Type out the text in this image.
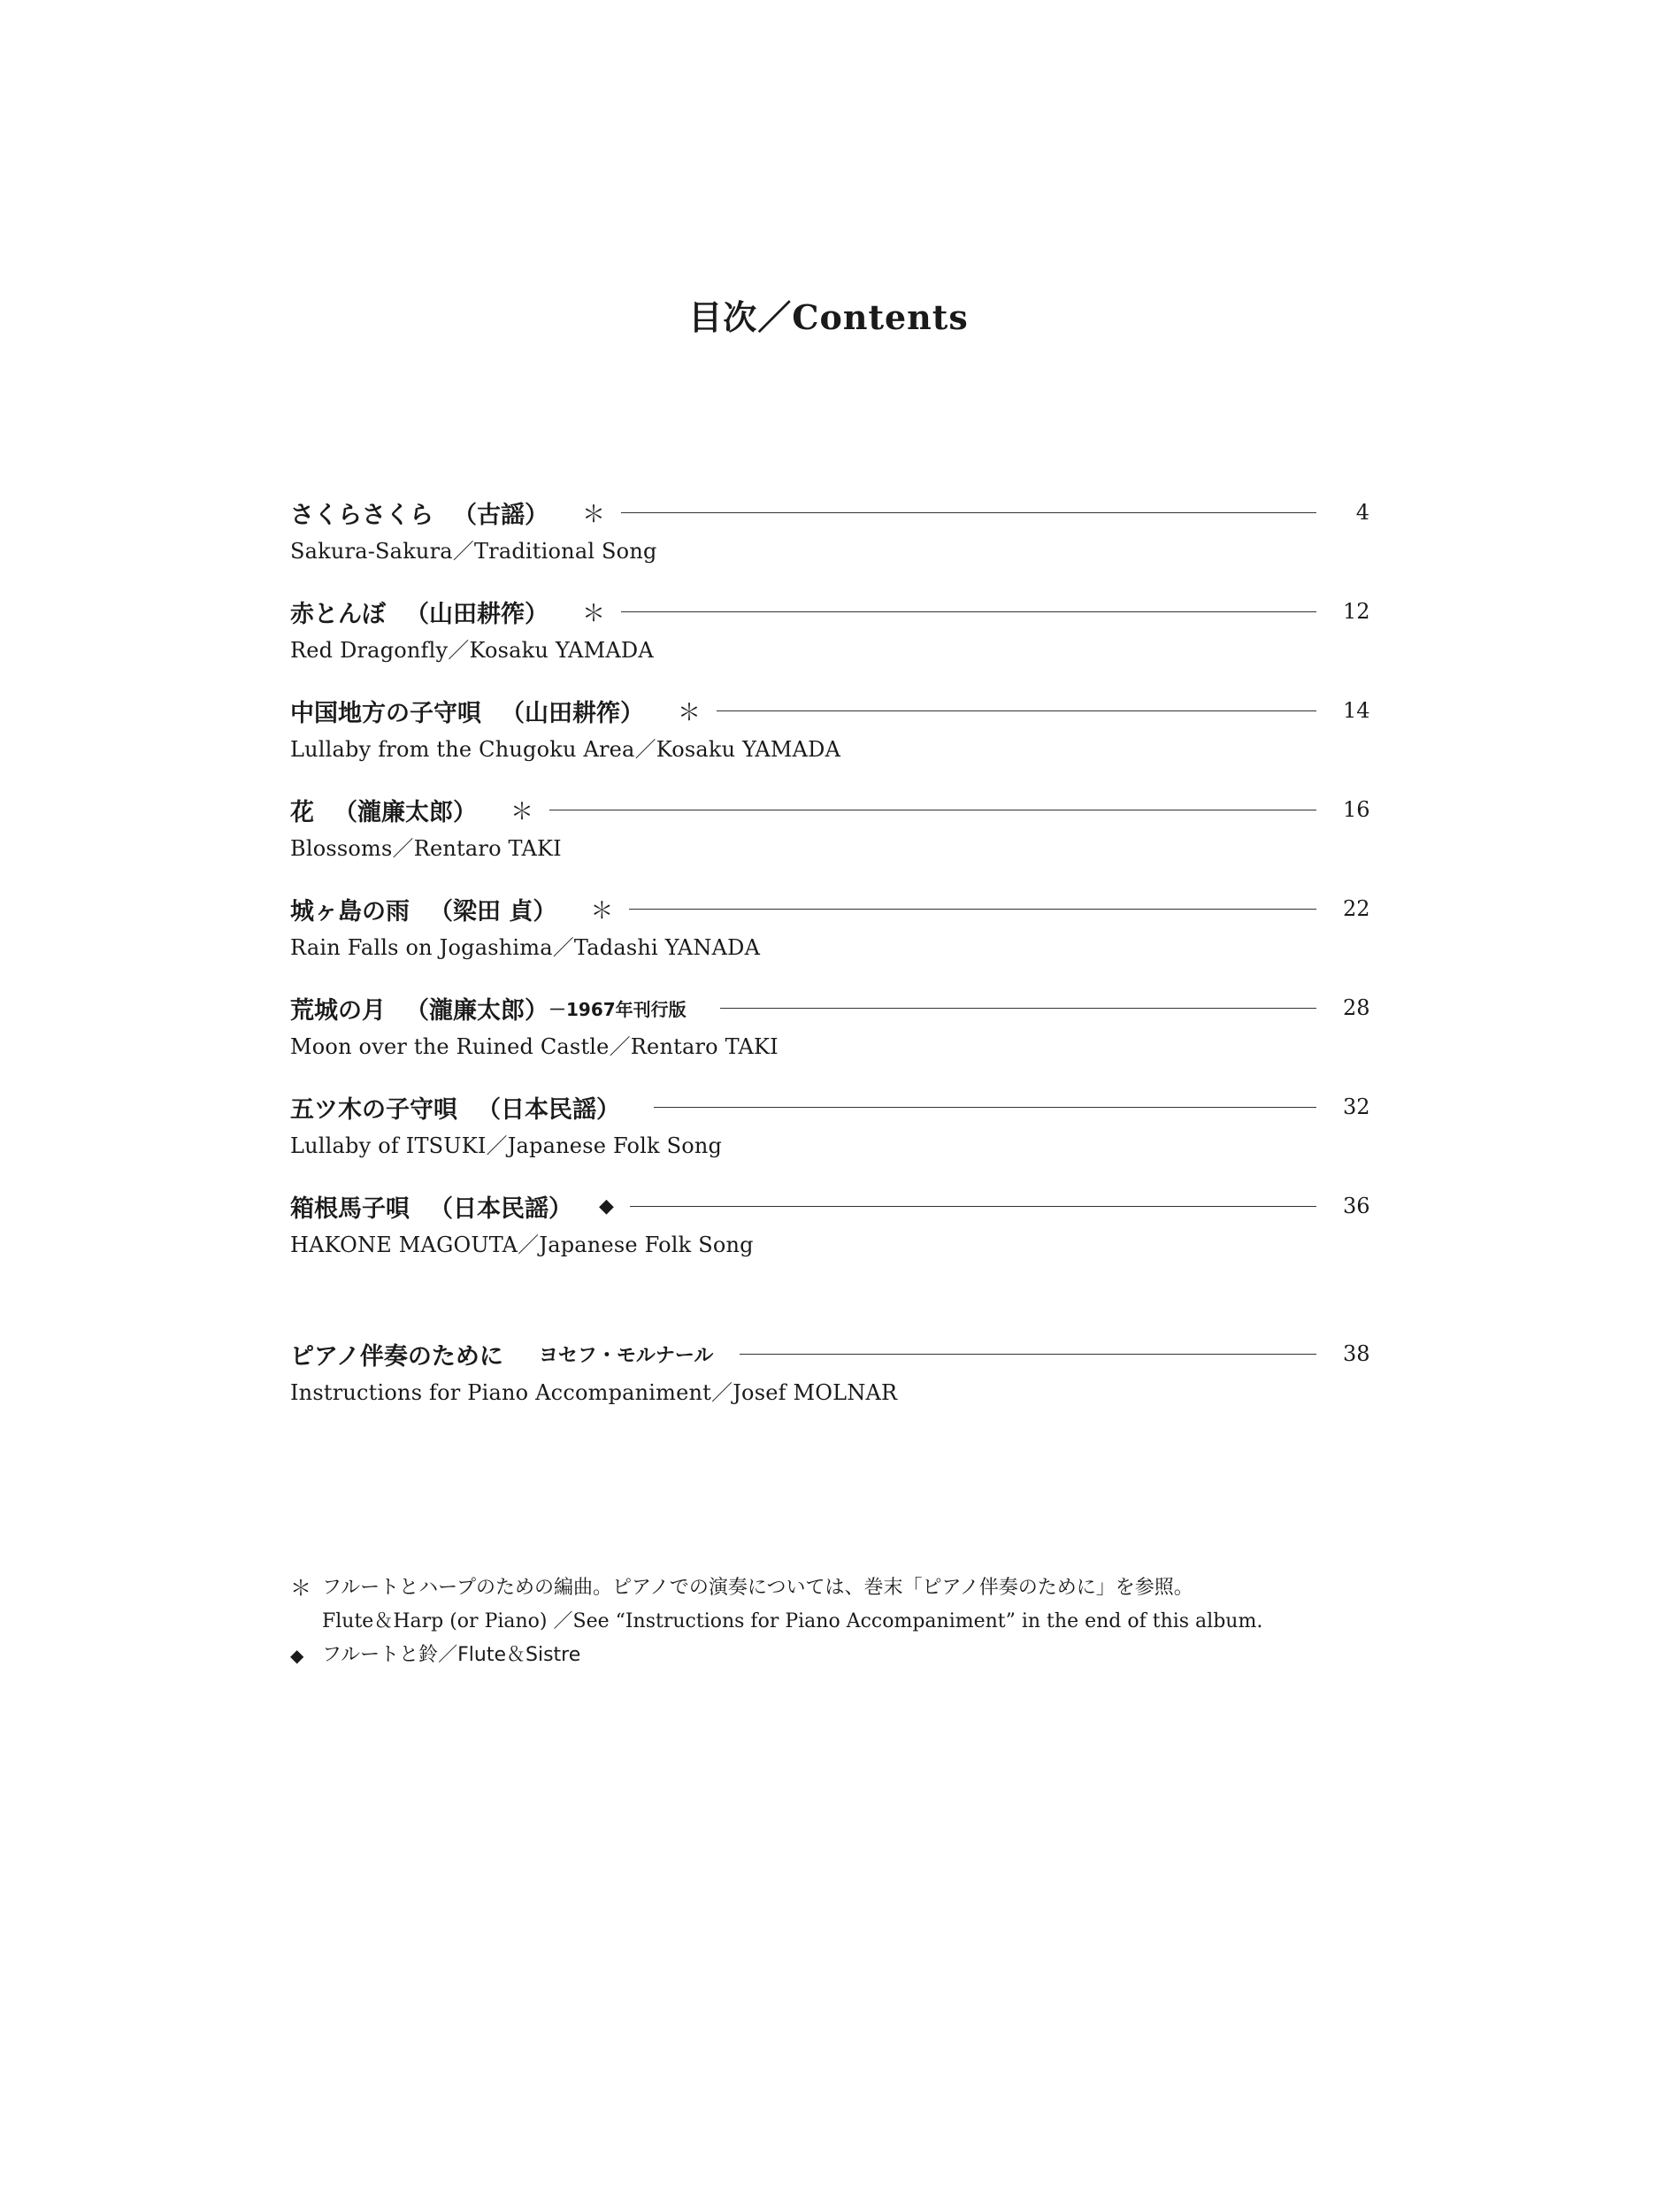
目次／Contents
さくらさくら （古謡） ＊	4
Sakura-Sakura／Traditional Song
赤とんぼ （山田耕筰） ＊	12
Red Dragonfly／Kosaku YAMADA
中国地方の子守唄 （山田耕筰） ＊	14
Lullaby from the Chugoku Area／Kosaku YAMADA
花 （瀧廉太郎） ＊	16
Blossoms／Rentaro TAKI
城ヶ島の雨 （梁田 貞） ＊	22
Rain Falls on Jogashima／Tadashi YANADA
荒城の月 （瀧廉太郎） －1967年刊行版	28
Moon over the Ruined Castle／Rentaro TAKI
五ツ木の子守唄 （日本民謡）	32
Lullaby of ITSUKI／Japanese Folk Song
箱根馬子唄 （日本民謡） ◆	36
HAKONE MAGOUTA／Japanese Folk Song
ピアノ伴奏のために ヨセフ・モルナール	38
Instructions for Piano Accompaniment／Josef MOLNAR
＊ フルートとハープのための編曲。ピアノでの演奏については、巻末「ピアノ伴奏のために」を参照。
Flute＆Harp (or Piano) ／See “Instructions for Piano Accompaniment” in the end of this album.
◆ フルートと鈴／Flute＆Sistre
